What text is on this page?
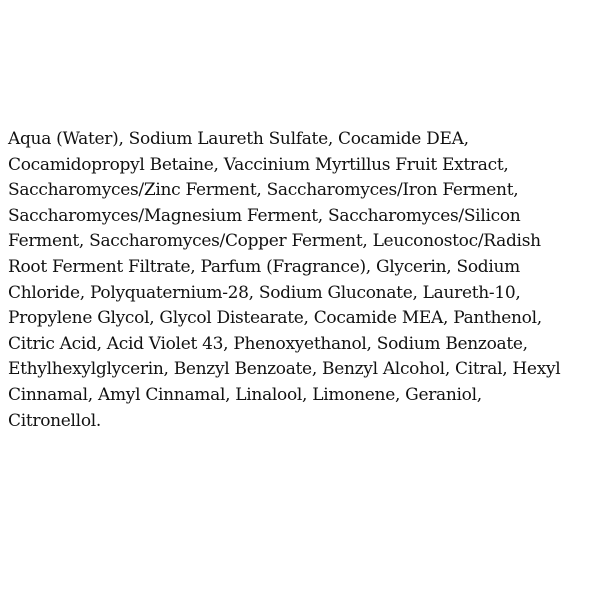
Aqua (Water), Sodium Laureth Sulfate, Cocamide DEA,
Cocamidopropyl Betaine, Vaccinium Myrtillus Fruit Extract,
Saccharomyces/Zinc Ferment, Saccharomyces/Iron Ferment,
Saccharomyces/Magnesium Ferment, Saccharomyces/Silicon
Ferment, Saccharomyces/Copper Ferment, Leuconostoc/Radish
Root Ferment Filtrate, Parfum (Fragrance), Glycerin, Sodium
Chloride, Polyquaternium-28, Sodium Gluconate, Laureth-10,
Propylene Glycol, Glycol Distearate, Cocamide MEA, Panthenol,
Citric Acid, Acid Violet 43, Phenoxyethanol, Sodium Benzoate,
Ethylhexylglycerin, Benzyl Benzoate, Benzyl Alcohol, Citral, Hexyl
Cinnamal, Amyl Cinnamal, Linalool, Limonene, Geraniol,
Citronellol.
